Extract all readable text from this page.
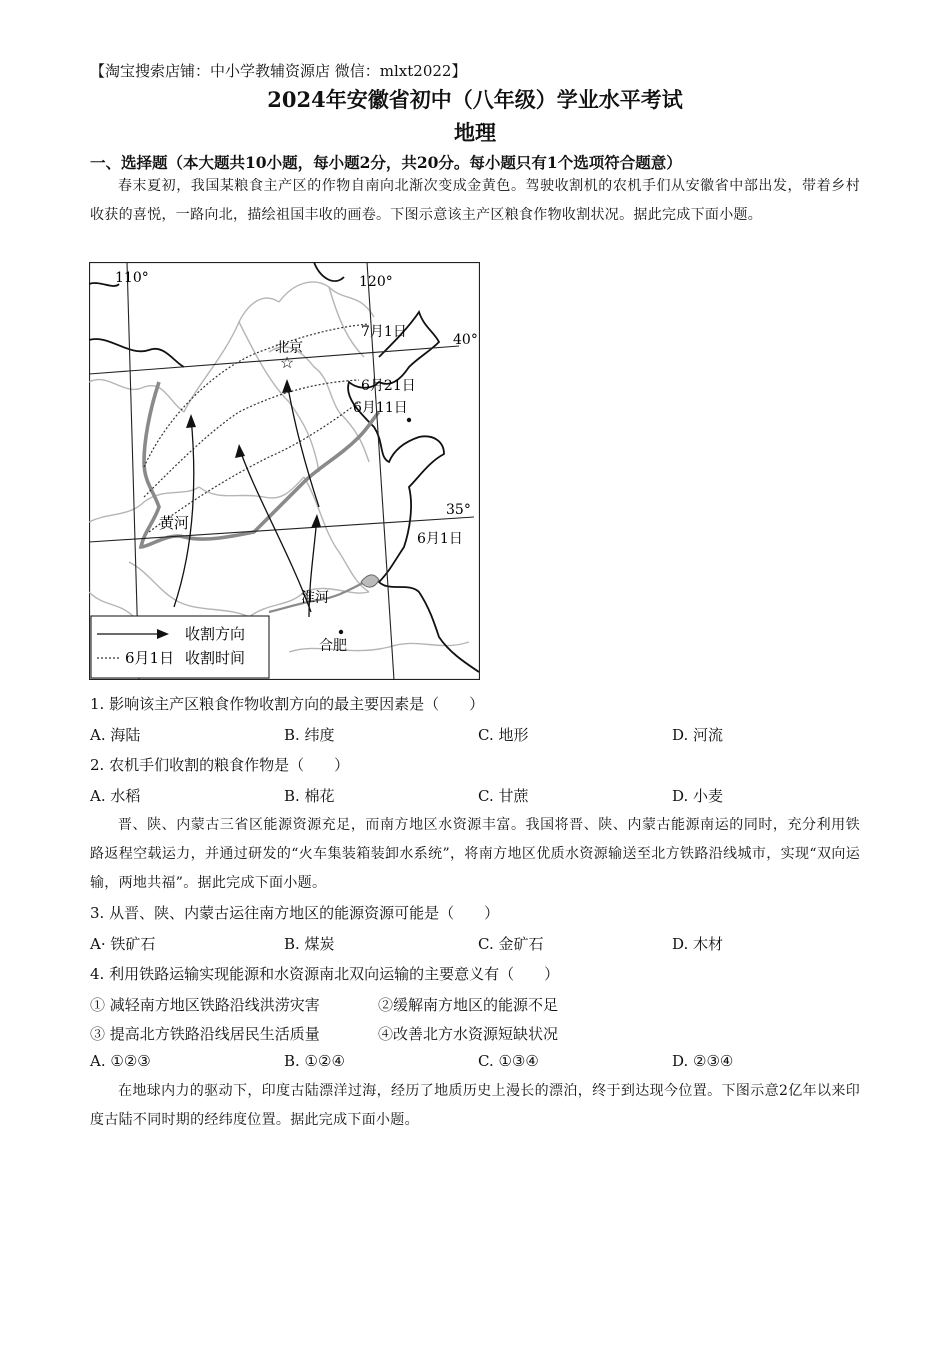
【淘宝搜索店铺：中小学教辅资源店 微信：mlxt2022】
2024年安徽省初中（八年级）学业水平考试
地理
一、选择题（本大题共10小题，每小题2分，共20分。每小题只有1个选项符合题意）
春末夏初，我国某粮食主产区的作物自南向北渐次变成金黄色。驾驶收割机的农机手们从安徽省中部出发，带着乡村收获的喜悦，一路向北，描绘祖国丰收的画卷。下图示意该主产区粮食作物收割状况。据此完成下面小题。
☆
110°	120°
40°
35°
北京
7月1日
6月21日
6月11日
6月1日
黄河
淮河
合肥
收割方向
6月1日 收割时间
1. 影响该主产区粮食作物收割方向的最主要因素是（　　）
A. 海陆	B. 纬度	C. 地形	D. 河流
2. 农机手们收割的粮食作物是（　　）
A. 水稻	B. 棉花	C. 甘蔗	D. 小麦
晋、陕、内蒙古三省区能源资源充足，而南方地区水资源丰富。我国将晋、陕、内蒙古能源南运的同时，充分利用铁路返程空载运力，并通过研发的“火车集装箱装卸水系统”，将南方地区优质水资源输送至北方铁路沿线城市，实现“双向运输，两地共福”。据此完成下面小题。
3. 从晋、陕、内蒙古运往南方地区的能源资源可能是（　　）
A· 铁矿石	B. 煤炭	C. 金矿石	D. 木材
4. 利用铁路运输实现能源和水资源南北双向运输的主要意义有（　　）
① 减轻南方地区铁路沿线洪涝灾害	②缓解南方地区的能源不足
③ 提高北方铁路沿线居民生活质量	④改善北方水资源短缺状况
A. ①②③	B. ①②④	C. ①③④	D. ②③④
在地球内力的驱动下，印度古陆漂洋过海，经历了地质历史上漫长的漂泊，终于到达现今位置。下图示意2亿年以来印度古陆不同时期的经纬度位置。据此完成下面小题。
